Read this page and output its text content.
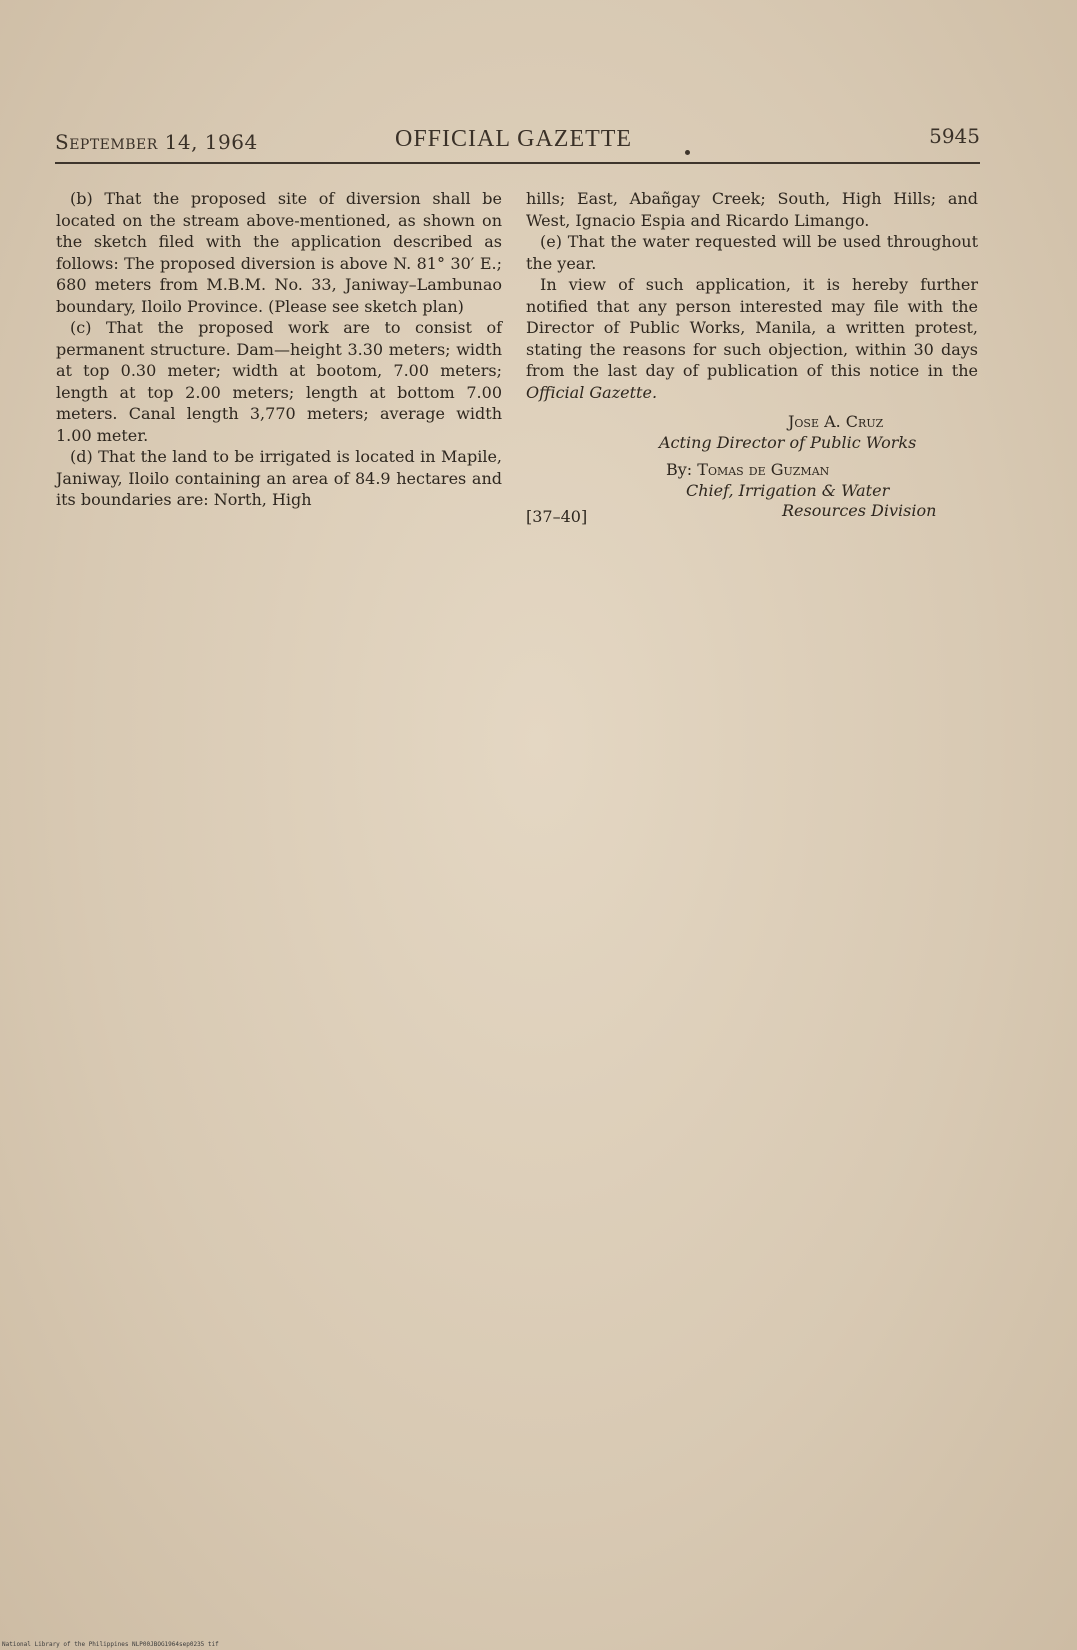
September 14, 1964	OFFICIAL GAZETTE	5945

(b) That the proposed site of diversion shall be located on the stream above-mentioned, as shown on the sketch filed with the application described as follows: The proposed diversion is above N. 81° 30′ E.; 680 meters from M.B.M. No. 33, Janiway–Lambunao boundary, Iloilo Province. (Please see sketch plan)

(c) That the proposed work are to consist of permanent structure. Dam—height 3.30 meters; width at top 0.30 meter; width at bootom, 7.00 meters; length at top 2.00 meters; length at bottom 7.00 meters. Canal length 3,770 meters; average width 1.00 meter.

(d) That the land to be irrigated is located in Mapile, Janiway, Iloilo containing an area of 84.9 hectares and its boundaries are: North, High

hills; East, Abañgay Creek; South, High Hills; and West, Ignacio Espia and Ricardo Limango.

(e) That the water requested will be used throughout the year.

In view of such application, it is hereby further notified that any person interested may file with the Director of Public Works, Manila, a written protest, stating the reasons for such objection, within 30 days from the last day of publication of this notice in the Official Gazette.

Jose A. Cruz
Acting Director of Public Works
By: Tomas de Guzman
Chief, Irrigation & Water
[37–40]	Resources Division
National Library of the Philippines NLP00JBOG1964sep0235 tif
